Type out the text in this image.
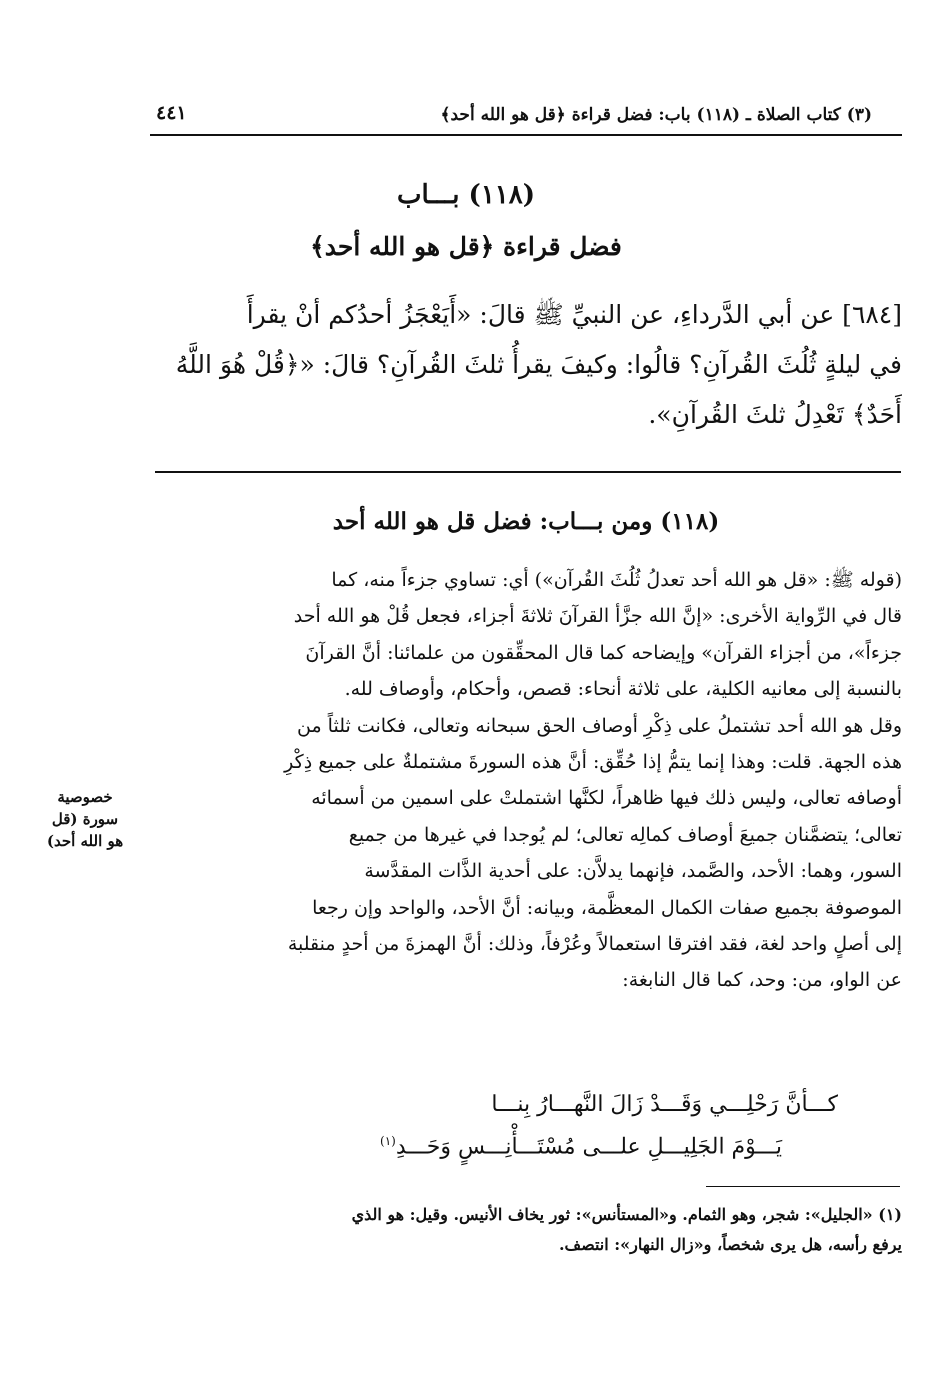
(٣) كتاب الصلاة ـ (١١٨) باب: فضل قراءة ﴿قل هو الله أحد﴾
٤٤١
(١١٨) بـــاب
فضل قراءة ﴿قل هو الله أحد﴾
[٦٨٤] عن أبي الدَّرداءِ، عن النبيِّ ﷺ قالَ: «أَيَعْجَزُ أحدُكم أنْ يقرأَ
في ليلةٍ ثُلُثَ القُرآنِ؟ قالُوا: وكيفَ يقرأُ ثلثَ القُرآنِ؟ قالَ: «﴿قُلْ هُوَ اللَّهُ
أَحَدٌ﴾ تَعْدِلُ ثلثَ القُرآنِ».
(١١٨) ومن بـــاب: فضل قل هو الله أحد
(قوله ﷺ: «قل هو الله أحد تعدلُ ثُلُثَ القُرآن») أي: تساوي جزءاً منه، كما
قال في الرِّواية الأخرى: «إنَّ الله جزَّأ القرآنَ ثلاثةَ أجزاء، فجعل قُلْ هو الله أحد
جزءاً»، من أجزاء القرآن» وإيضاحه كما قال المحقِّقون من علمائنا: أنَّ القرآنَ
بالنسبة إلى معانيه الكلية، على ثلاثة أنحاء: قصص، وأحكام، وأوصاف لله.
وقل هو الله أحد تشتملُ على ذِكْرِ أوصاف الحق سبحانه وتعالى، فكانت ثلثاً من
هذه الجهة. قلت: وهذا إنما يتمُّ إذا حُقِّق: أنَّ هذه السورةَ مشتملةٌ على جميع ذِكْرِ
أوصافه تعالى، وليس ذلك فيها ظاهراً، لكنَّها اشتملتْ على اسمين من أسمائه
تعالى؛ يتضمَّنان جميعَ أوصاف كمالِه تعالى؛ لم يُوجدا في غيرها من جميع
السور، وهما: الأحد، والصَّمد، فإنهما يدلاَّن: على أحدية الذَّات المقدَّسة
الموصوفة بجميع صفات الكمال المعظَّمة، وبيانه: أنَّ الأحد، والواحد وإن رجعا
إلى أصلٍ واحد لغة، فقد افترقا استعمالاً وعُرْفاً، وذلك: أنَّ الهمزةَ من أحدٍ منقلبة
عن الواو، من: وحد، كما قال النابغة:
خصوصية
سورة (قل
هو الله أحد)
كـــأنَّ رَحْلِـــي وَقَـــدْ زَالَ النَّهـــارُ بِنـــا
يَـــوْمَ الجَلِيـــلِ علـــى مُسْتَـــأْنِـــسٍ وَحَـــدِ$^{(١)}$
(١) «الجليل»: شجر، وهو الثمام. و«المستأنس»: ثور يخاف الأنيس. وقيل: هو الذي
يرفع رأسه، هل يرى شخصاً، و«زال النهار»: انتصف.
